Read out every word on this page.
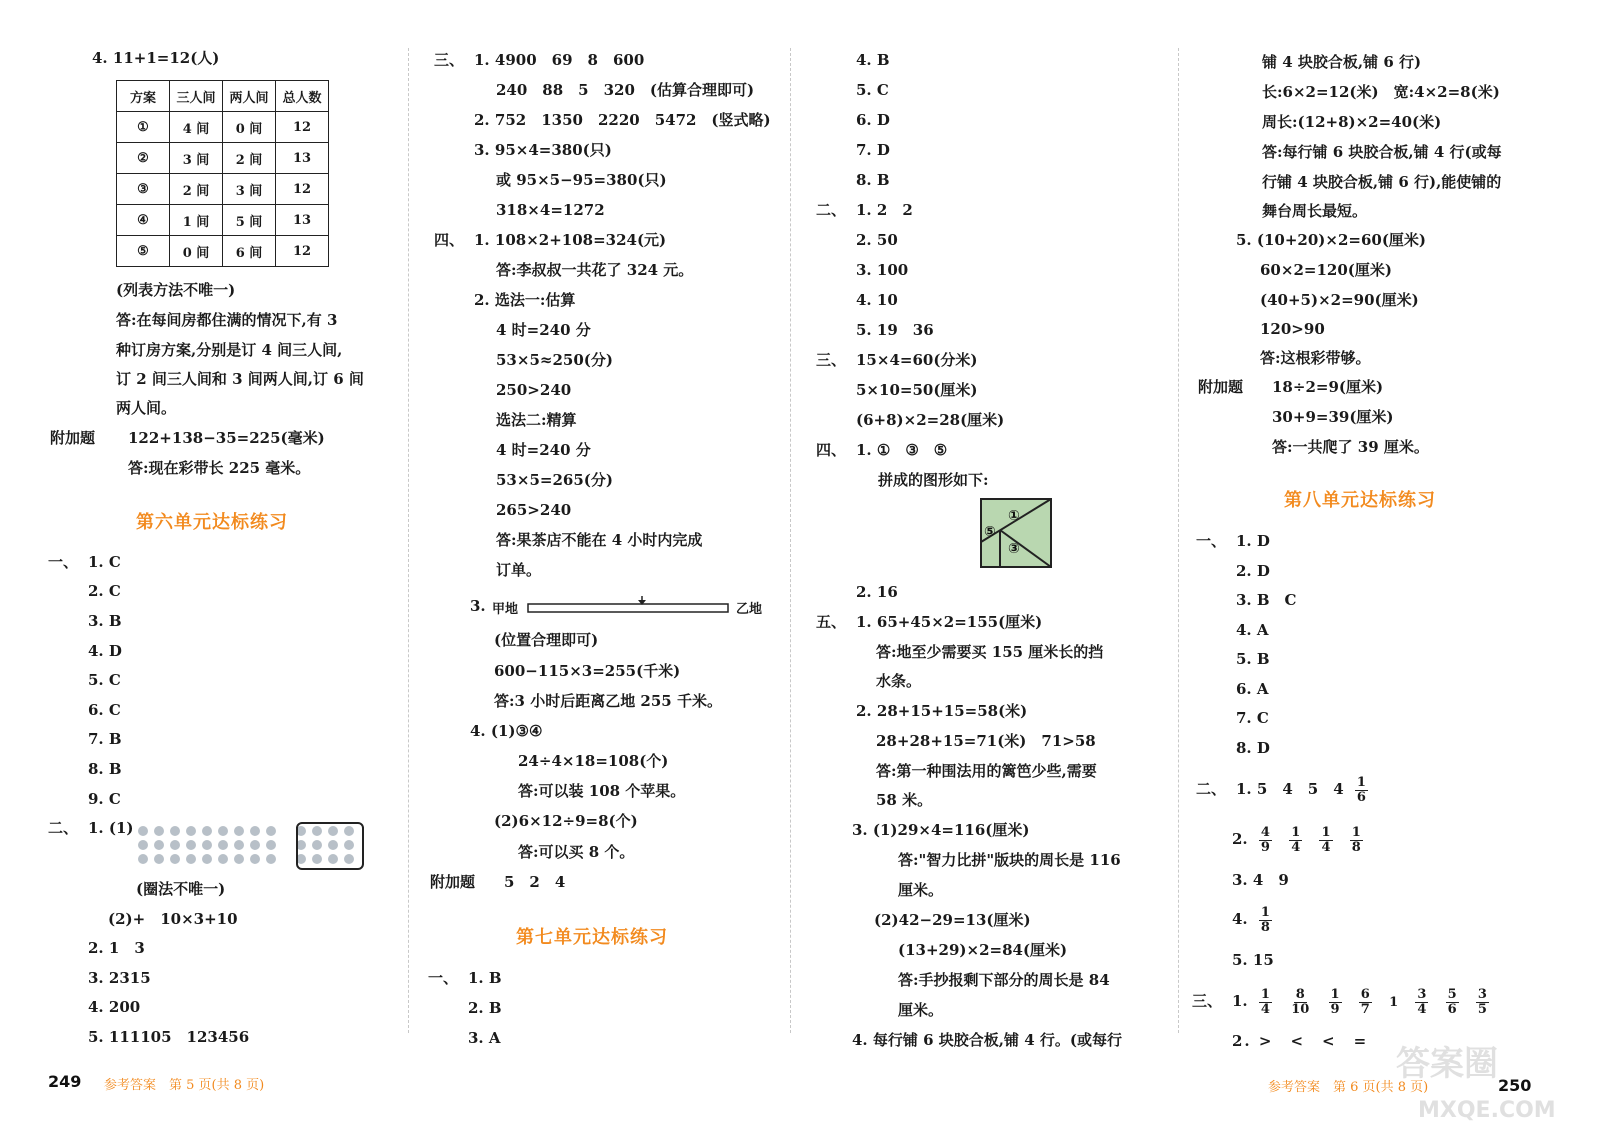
4. 11+1=12(人)
方案	三人间	两人间	总人数
①	4 间	0 间	12
②	3 间	2 间	13
③	2 间	3 间	12
④	1 间	5 间	13
⑤	0 间	6 间	12
(列表方法不唯一)
答:在每间房都住满的情况下,有 3
种订房方案,分别是订 4 间三人间,
订 2 间三人间和 3 间两人间,订 6 间
两人间。
附加题 122+138−35=225(毫米)
答:现在彩带长 225 毫米。
第六单元达标练习
一、 1. C
2. C
3. B
4. D
5. C
6. C
7. B
8. B
9. C
二、 1. (1)
(圈法不唯一)
(2)+　10×3+10
2. 1　3
3. 2315
4. 200
5. 111105　123456
249 参考答案　第 5 页(共 8 页)
三、 1. 4900　69　8　600
240　88　5　320　(估算合理即可)
2. 752　1350　2220　5472　(竖式略)
3. 95×4=380(只)
或 95×5−95=380(只)
318×4=1272
四、 1. 108×2+108=324(元)
答:李叔叔一共花了 324 元。
2. 选法一:估算
4 时=240 分
53×5≈250(分)
250>240
选法二:精算
4 时=240 分
53×5=265(分)
265>240
答:果茶店不能在 4 小时内完成
订单。
3. 甲地	乙地
(位置合理即可)
600−115×3=255(千米)
答:3 小时后距离乙地 255 千米。
4. (1)③④
24÷4×18=108(个)
答:可以装 108 个苹果。
(2)6×12÷9=8(个)
答:可以买 8 个。
附加题 5　2　4
第七单元达标练习
一、 1. B
2. B
3. A
4. B
5. C
6. D
7. D
8. B
二、 1. 2　2
2. 50
3. 100
4. 10
5. 19　36
三、 15×4=60(分米)
5×10=50(厘米)
(6+8)×2=28(厘米)
四、 1. ①　③　⑤
拼成的图形如下:
①
⑤
③
2. 16
五、 1. 65+45×2=155(厘米)
答:地至少需要买 155 厘米长的挡
水条。
2. 28+15+15=58(米)
28+28+15=71(米)　71>58
答:第一种围法用的篱笆少些,需要
58 米。
3. (1)29×4=116(厘米)
答:"智力比拼"版块的周长是 116
厘米。
(2)42−29=13(厘米)
(13+29)×2=84(厘米)
答:手抄报剩下部分的周长是 84
厘米。
4. 每行铺 6 块胶合板,铺 4 行。(或每行
铺 4 块胶合板,铺 6 行)
长:6×2=12(米)　宽:4×2=8(米)
周长:(12+8)×2=40(米)
答:每行铺 6 块胶合板,铺 4 行(或每
行铺 4 块胶合板,铺 6 行),能使铺的
舞台周长最短。
5. (10+20)×2=60(厘米)
60×2=120(厘米)
(40+5)×2=90(厘米)
120>90
答:这根彩带够。
附加题 18÷2=9(厘米)
30+9=39(厘米)
答:一共爬了 39 厘米。
第八单元达标练习
一、 1. D
2. D
3. B　C
4. A
5. B
6. A
7. C
8. D
二、 1. 5　4　5　$4 \frac{1}{6}$
2. $\frac{4}{9}$
$\frac{1}{4}$
$\frac{1}{4}$
$\frac{1}{8}$
3. 4　9
4. $\frac{1}{8}$
5. 15
三、 1. $\frac{1}{4}$
$\frac{8}{10}$
$\frac{1}{9}$
$\frac{6}{7} 1 \frac{3}{4}$
$\frac{5}{6}$
$\frac{3}{5}$
2. >　<　<　=
参考答案　第 6 页(共 8 页)	250
答案圈
MXQE.COM
